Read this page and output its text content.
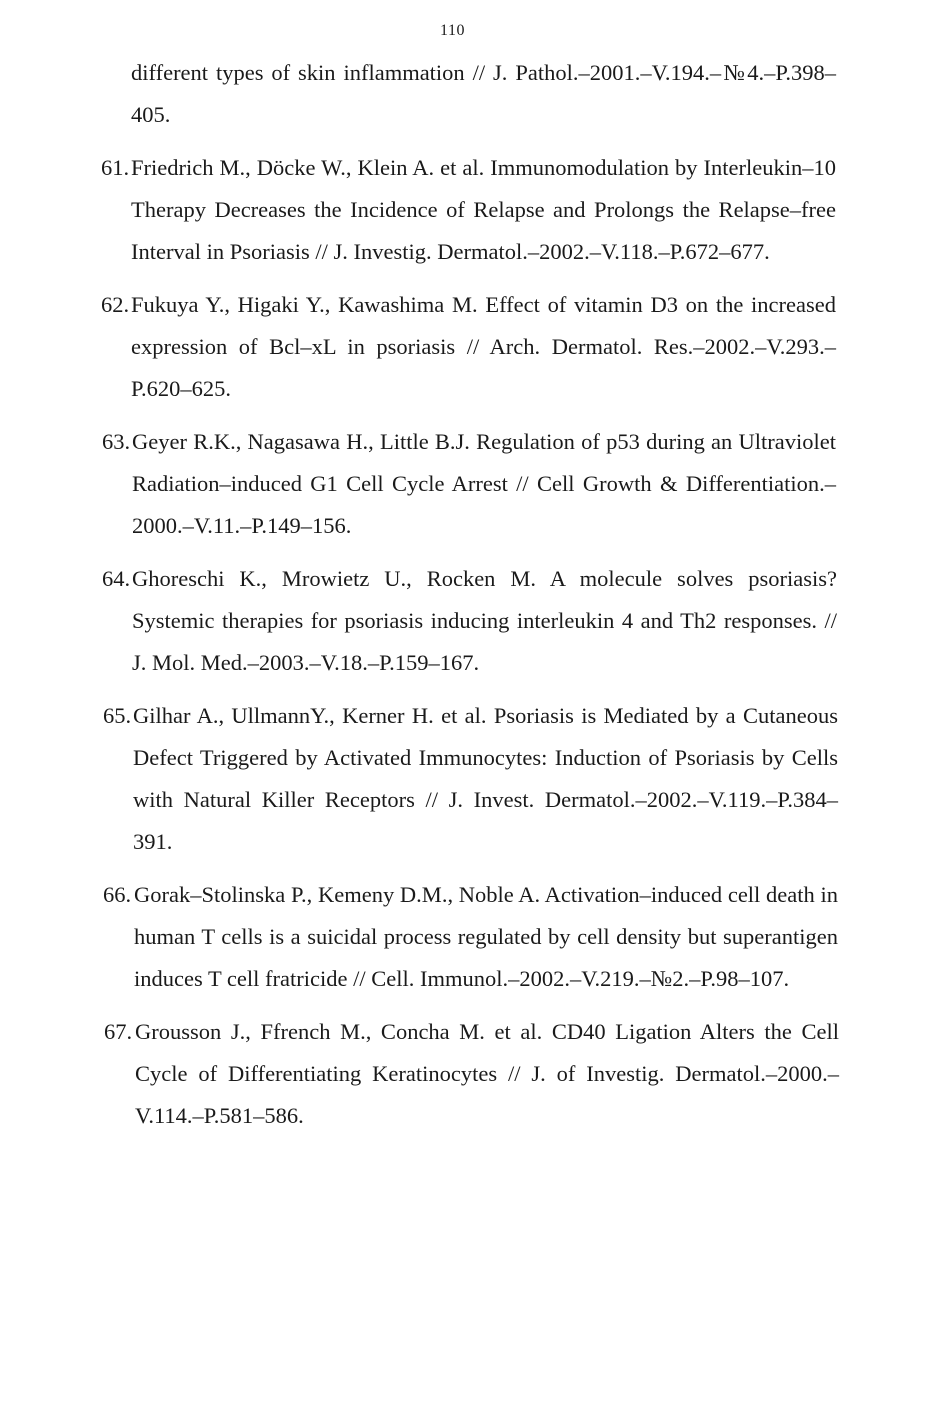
110
different types of skin inflammation // J. Pathol.–2001.–V.194.–№4.–P.398–405.
61. Friedrich M., Döcke W., Klein A. et al. Immunomodulation by Interleukin–10 Therapy Decreases the Incidence of Relapse and Prolongs the Relapse–free Interval in Psoriasis // J. Investig. Dermatol.–2002.–V.118.–P.672–677.
62. Fukuya Y., Higaki Y., Kawashima M. Effect of vitamin D3 on the increased expression of Bcl–xL in psoriasis // Arch. Dermatol. Res.–2002.–V.293.–P.620–625.
63. Geyer R.K., Nagasawa H., Little B.J. Regulation of p53 during an Ultraviolet Radiation–induced G1 Cell Cycle Arrest // Cell Growth & Differentiation.–2000.–V.11.–P.149–156.
64. Ghoreschi K., Mrowietz U., Rocken M. A molecule solves psoriasis? Systemic therapies for psoriasis inducing interleukin 4 and Th2 responses. // J. Mol. Med.–2003.–V.18.–P.159–167.
65. Gilhar A., UllmannY., Kerner H. et al. Psoriasis is Mediated by a Cutaneous Defect Triggered by Activated Immunocytes: Induction of Psoriasis by Cells with Natural Killer Receptors // J. Invest. Dermatol.–2002.–V.119.–P.384–391.
66. Gorak–Stolinska P., Kemeny D.M., Noble A. Activation–induced cell death in human T cells is a suicidal process regulated by cell density but superantigen induces T cell fratricide // Cell. Immunol.–2002.–V.219.–№2.–P.98–107.
67. Grousson J., Ffrench M., Concha M. et al. CD40 Ligation Alters the Cell Cycle of Differentiating Keratinocytes // J. of Investig. Dermatol.–2000.–V.114.–P.581–586.
